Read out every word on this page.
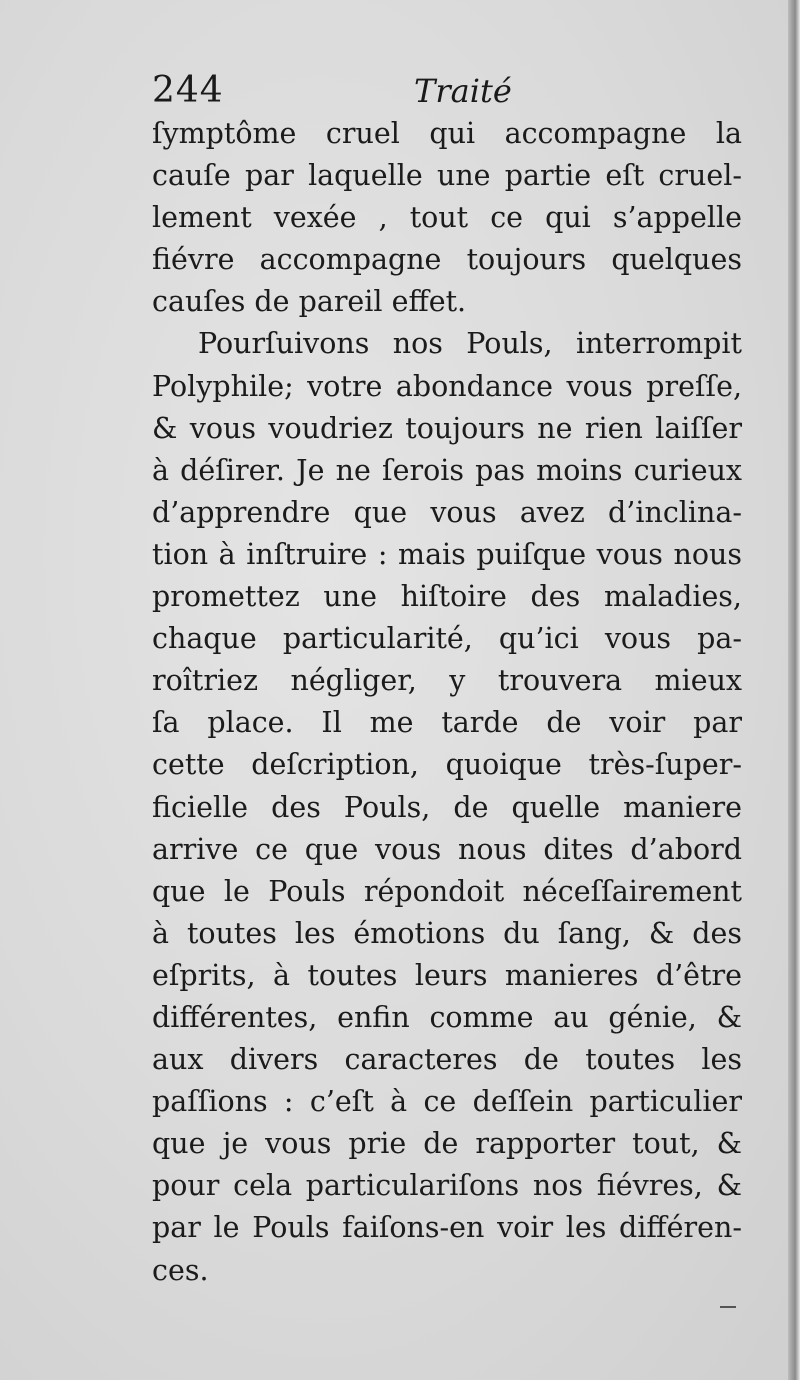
244	Traité
ſymptôme cruel qui accompagne la
cauſe par laquelle une partie eſt cruel-
lement vexée , tout ce qui s’appelle
fiévre accompagne toujours quelques
cauſes de pareil effet.
Pourſuivons nos Pouls, interrompit
Polyphile; votre abondance vous preſſe,
& vous voudriez toujours ne rien laiſſer
à déſirer. Je ne ſerois pas moins curieux
d’apprendre que vous avez d’inclina-
tion à inſtruire : mais puiſque vous nous
promettez une hiſtoire des maladies,
chaque particularité, qu’ici vous pa-
roîtriez négliger, y trouvera mieux
ſa place. Il me tarde de voir par
cette deſcription, quoique très-ſuper-
ficielle des Pouls, de quelle maniere
arrive ce que vous nous dites d’abord
que le Pouls répondoit néceſſairement
à toutes les émotions du ſang, & des
eſprits, à toutes leurs manieres d’être
différentes, enfin comme au génie, &
aux divers caracteres de toutes les
paſſions : c’eſt à ce deſſein particulier
que je vous prie de rapporter tout, &
pour cela particulariſons nos fiévres, &
par le Pouls faiſons-en voir les différen-
ces.
